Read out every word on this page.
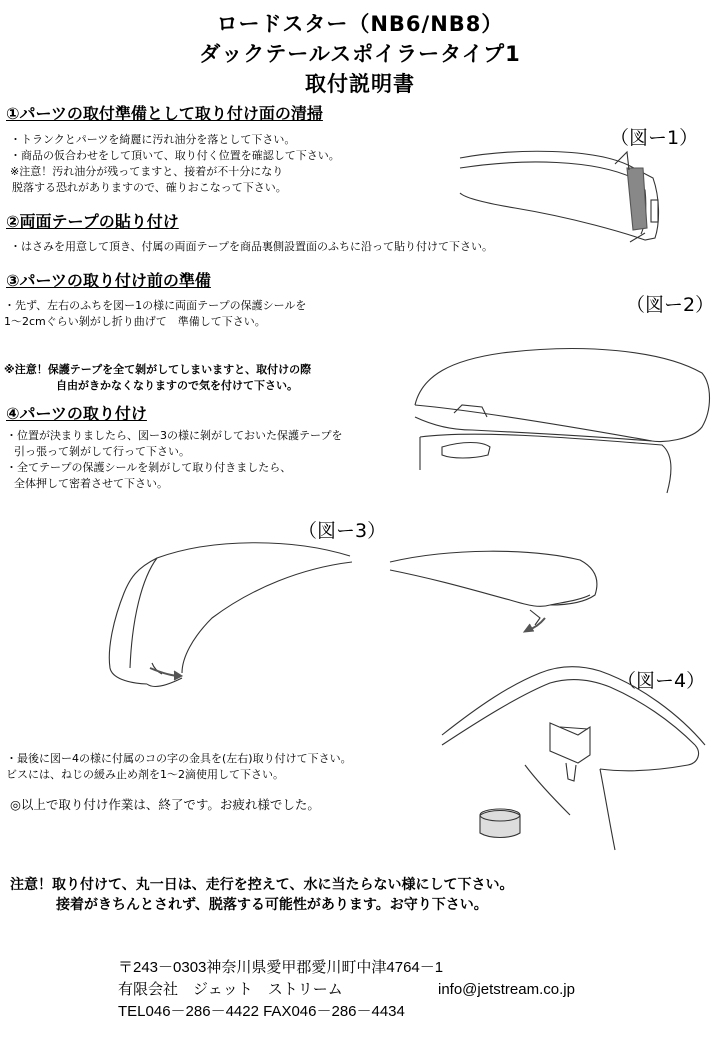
ロードスター（NB6/NB8）
ダックテールスポイラータイプ1
取付説明書
①パーツの取付準備として取り付け面の清掃
・トランクとパーツを綺麗に汚れ油分を落として下さい。
・商品の仮合わせをして頂いて、取り付く位置を確認して下さい。
※注意！汚れ油分が残ってますと、接着が不十分になり
脱落する恐れがありますので、確りおこなって下さい。
②両面テープの貼り付け
・はさみを用意して頂き、付属の両面テープを商品裏側設置面のふちに沿って貼り付けて下さい。
③パーツの取り付け前の準備
・先ず、左右のふちを図ー1の様に両面テープの保護シールを
1～2cmぐらい剝がし折り曲げて　準備して下さい。
※注意！保護テープを全て剝がしてしまいますと、取付けの際
自由がきかなくなりますので気を付けて下さい。
④パーツの取り付け
・位置が決まりましたら、図ー3の様に剝がしておいた保護テープを
引っ張って剝がして行って下さい。
・全てテープの保護シールを剝がして取り付きましたら、
全体押して密着させて下さい。
・最後に図ー4の様に付属のコの字の金具を(左右)取り付けて下さい。
ビスには、ねじの緩み止め剤を1～2滴使用して下さい。
◎以上で取り付け作業は、終了です。お疲れ様でした。
（図ー1）
（図ー2）
（図ー3）
（図ー4）
注意！取り付けて、丸一日は、走行を控えて、水に当たらない様にして下さい。
接着がきちんとされず、脱落する可能性があります。お守り下さい。
〒243－0303神奈川県愛甲郡愛川町中津4764－1
有限会社　ジェット　ストリーム	info@jetstream.co.jp
TEL046－286－4422 FAX046－286－4434
